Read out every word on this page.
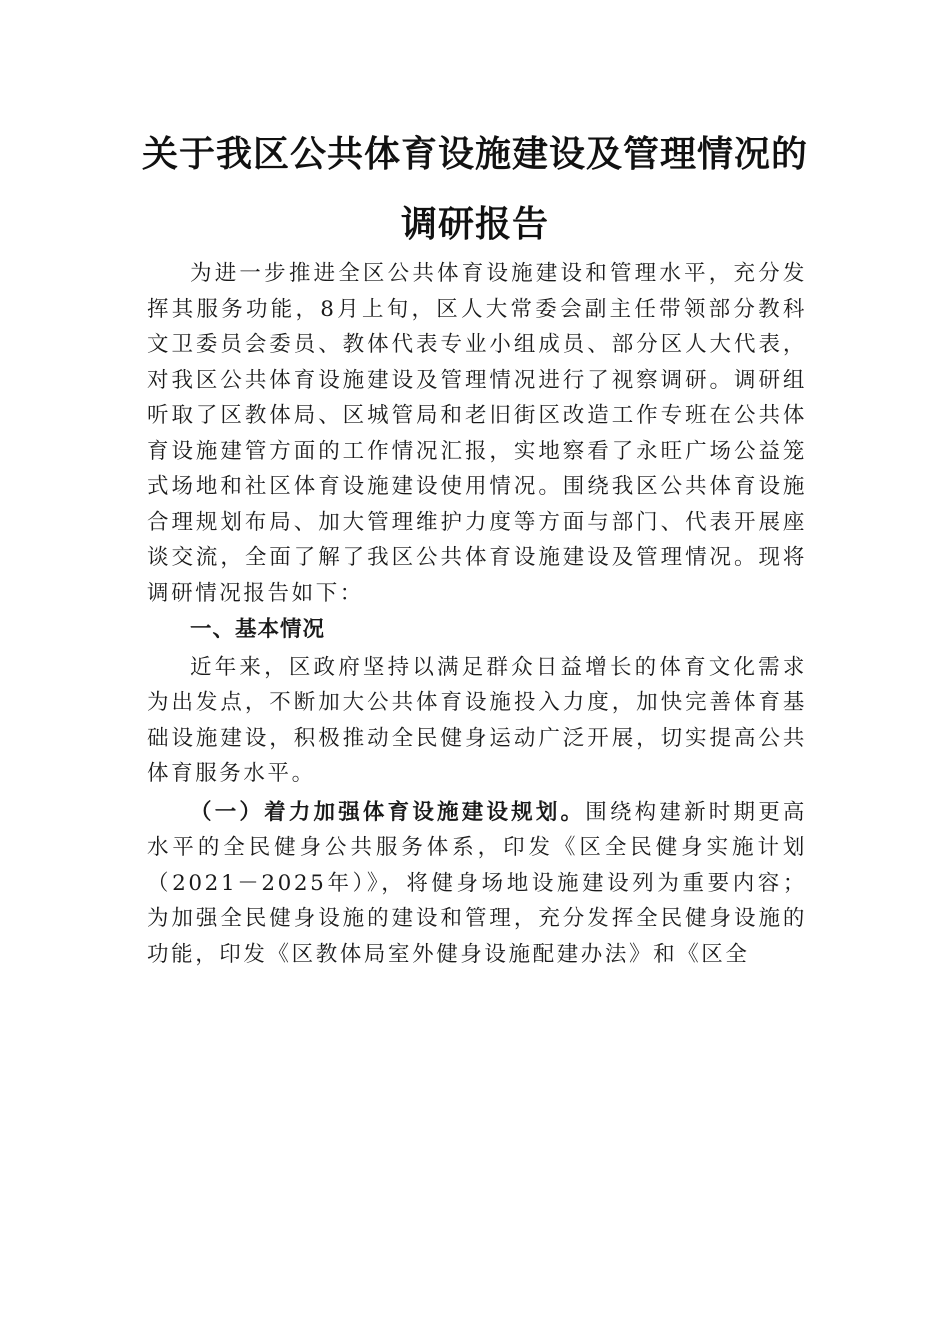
关于我区公共体育设施建设及管理情况的
调研报告

为进一步推进全区公共体育设施建设和管理水平，充分发挥其服务功能，8月上旬，区人大常委会副主任带领部分教科文卫委员会委员、教体代表专业小组成员、部分区人大代表，对我区公共体育设施建设及管理情况进行了视察调研。调研组听取了区教体局、区城管局和老旧街区改造工作专班在公共体育设施建管方面的工作情况汇报，实地察看了永旺广场公益笼式场地和社区体育设施建设使用情况。围绕我区公共体育设施合理规划布局、加大管理维护力度等方面与部门、代表开展座谈交流，全面了解了我区公共体育设施建设及管理情况。现将调研情况报告如下：

一、基本情况

近年来，区政府坚持以满足群众日益增长的体育文化需求为出发点，不断加大公共体育设施投入力度，加快完善体育基础设施建设，积极推动全民健身运动广泛开展，切实提高公共体育服务水平。

（一）着力加强体育设施建设规划。围绕构建新时期更高水平的全民健身公共服务体系，印发《区全民健身实施计划（2021－2025年）》，将健身场地设施建设列为重要内容；为加强全民健身设施的建设和管理，充分发挥全民健身设施的功能，印发《区教体局室外健身设施配建办法》和《区全
